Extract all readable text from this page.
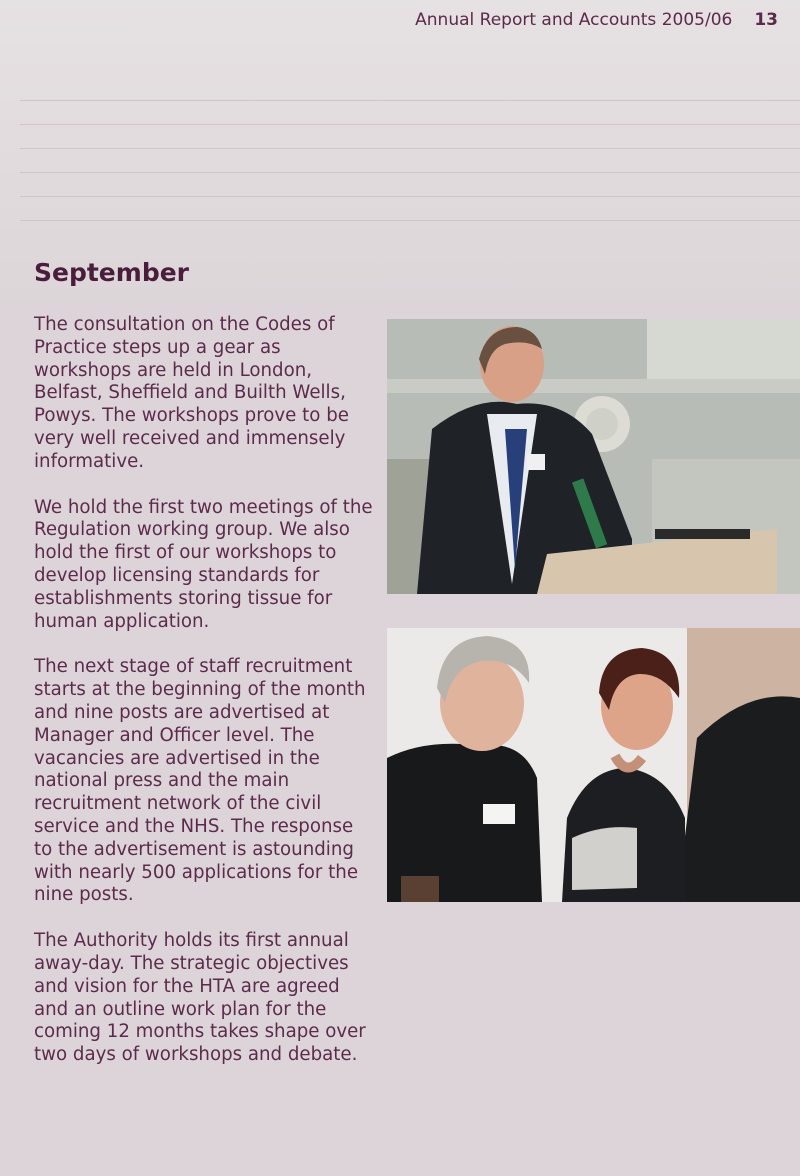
Annual Report and Accounts 2005/06 13
September

The consultation on the Codes of Practice steps up a gear as workshops are held in London, Belfast, Sheffield and Builth Wells, Powys. The workshops prove to be very well received and immensely informative.

We hold the first two meetings of the Regulation working group. We also hold the first of our workshops to develop licensing standards for establishments storing tissue for human application.

The next stage of staff recruitment starts at the beginning of the month and nine posts are advertised at Manager and Officer level. The vacancies are advertised in the national press and the main recruitment network of the civil service and the NHS. The response to the advertisement is astounding with nearly 500 applications for the nine posts.

The Authority holds its first annual away-day. The strategic objectives and vision for the HTA are agreed and an outline work plan for the coming 12 months takes shape over two days of workshops and debate.
